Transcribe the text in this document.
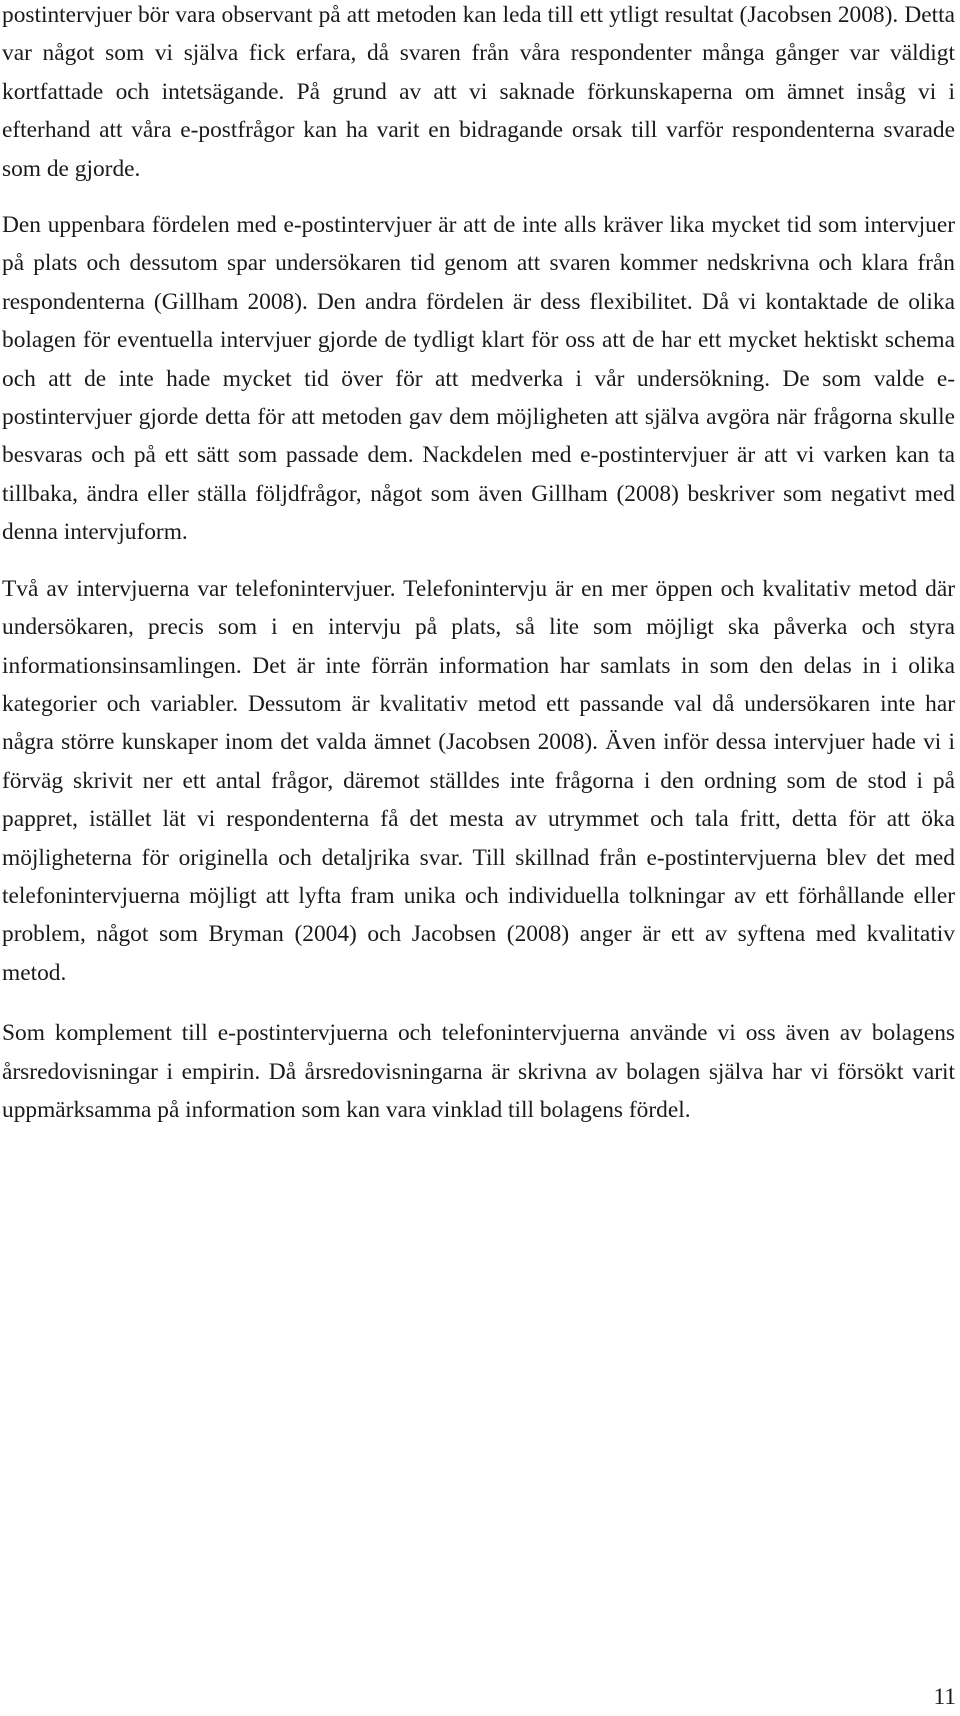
postintervjuer bör vara observant på att metoden kan leda till ett ytligt resultat (Jacobsen 2008). Detta var något som vi själva fick erfara, då svaren från våra respondenter många gånger var väldigt kortfattade och intetsägande. På grund av att vi saknade förkunskaperna om ämnet insåg vi i efterhand att våra e-postfrågor kan ha varit en bidragande orsak till varför respondenterna svarade som de gjorde.

Den uppenbara fördelen med e-postintervjuer är att de inte alls kräver lika mycket tid som intervjuer på plats och dessutom spar undersökaren tid genom att svaren kommer nedskrivna och klara från respondenterna (Gillham 2008). Den andra fördelen är dess flexibilitet. Då vi kontaktade de olika bolagen för eventuella intervjuer gjorde de tydligt klart för oss att de har ett mycket hektiskt schema och att de inte hade mycket tid över för att medverka i vår undersökning. De som valde e-postintervjuer gjorde detta för att metoden gav dem möjligheten att själva avgöra när frågorna skulle besvaras och på ett sätt som passade dem. Nackdelen med e-postintervjuer är att vi varken kan ta tillbaka, ändra eller ställa följdfrågor, något som även Gillham (2008) beskriver som negativt med denna intervjuform.

Två av intervjuerna var telefonintervjuer. Telefonintervju är en mer öppen och kvalitativ metod där undersökaren, precis som i en intervju på plats, så lite som möjligt ska påverka och styra informationsinsamlingen. Det är inte förrän information har samlats in som den delas in i olika kategorier och variabler. Dessutom är kvalitativ metod ett passande val då undersökaren inte har några större kunskaper inom det valda ämnet (Jacobsen 2008). Även inför dessa intervjuer hade vi i förväg skrivit ner ett antal frågor, däremot ställdes inte frågorna i den ordning som de stod i på pappret, istället lät vi respondenterna få det mesta av utrymmet och tala fritt, detta för att öka möjligheterna för originella och detaljrika svar. Till skillnad från e-postintervjuerna blev det med telefonintervjuerna möjligt att lyfta fram unika och individuella tolkningar av ett förhållande eller problem, något som Bryman (2004) och Jacobsen (2008) anger är ett av syftena med kvalitativ metod.

Som komplement till e-postintervjuerna och telefonintervjuerna använde vi oss även av bolagens årsredovisningar i empirin. Då årsredovisningarna är skrivna av bolagen själva har vi försökt varit uppmärksamma på information som kan vara vinklad till bolagens fördel.

11
